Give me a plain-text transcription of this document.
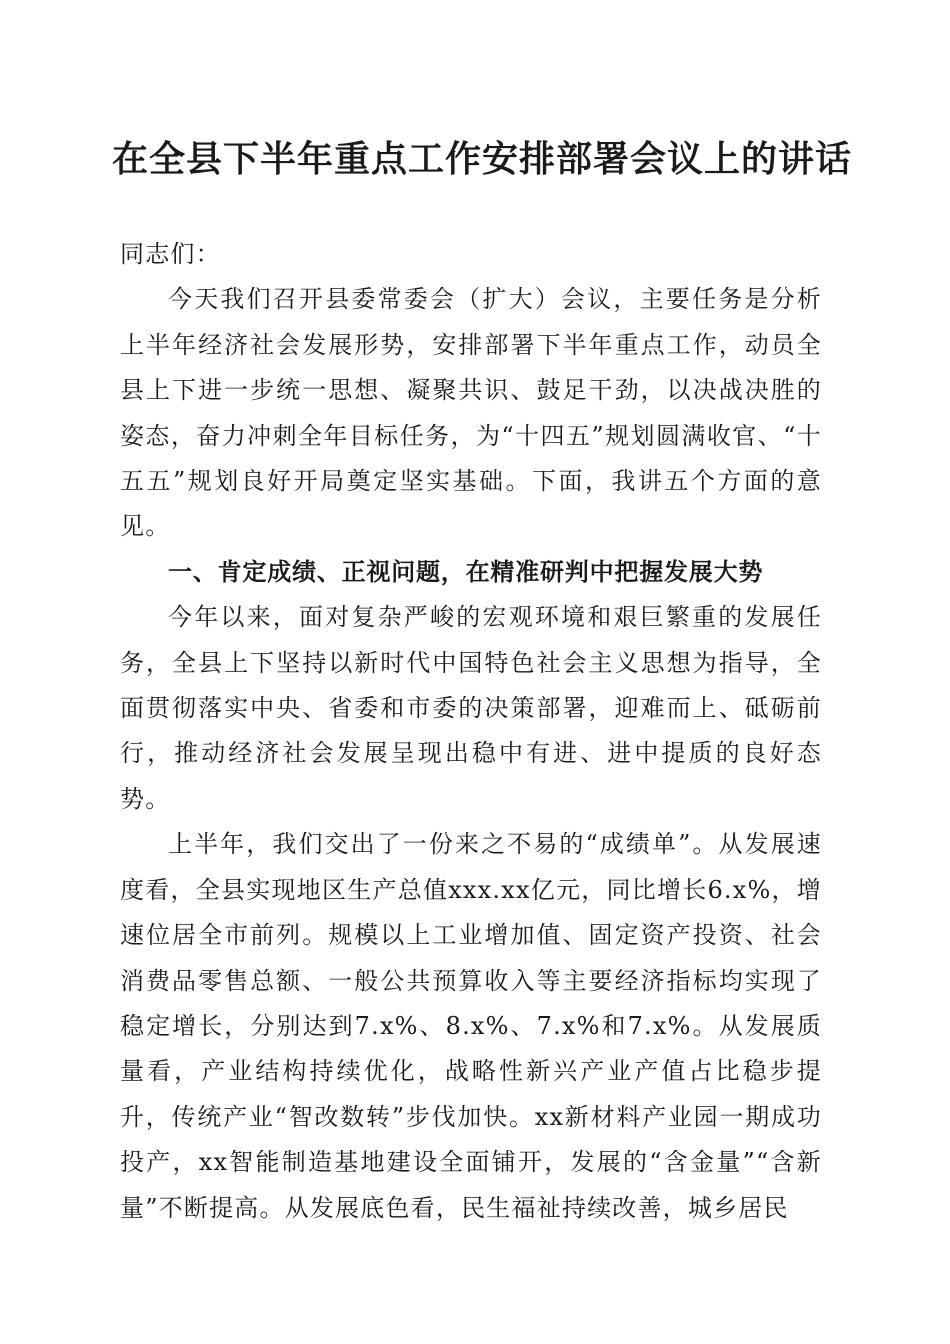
在全县下半年重点工作安排部署会议上的讲话

同志们：

今天我们召开县委常委会（扩大）会议，主要任务是分析上半年经济社会发展形势，安排部署下半年重点工作，动员全县上下进一步统一思想、凝聚共识、鼓足干劲，以决战决胜的姿态，奋力冲刺全年目标任务，为“十四五”规划圆满收官、“十五五”规划良好开局奠定坚实基础。下面，我讲五个方面的意见。

一、肯定成绩、正视问题，在精准研判中把握发展大势

今年以来，面对复杂严峻的宏观环境和艰巨繁重的发展任务，全县上下坚持以新时代中国特色社会主义思想为指导，全面贯彻落实中央、省委和市委的决策部署，迎难而上、砥砺前行，推动经济社会发展呈现出稳中有进、进中提质的良好态势。

上半年，我们交出了一份来之不易的“成绩单”。从发展速度看，全县实现地区生产总值xxx.xx亿元，同比增长6.x%，增速位居全市前列。规模以上工业增加值、固定资产投资、社会消费品零售总额、一般公共预算收入等主要经济指标均实现了稳定增长，分别达到7.x%、8.x%、7.x%和7.x%。从发展质量看，产业结构持续优化，战略性新兴产业产值占比稳步提升，传统产业“智改数转”步伐加快。xx新材料产业园一期成功投产，xx智能制造基地建设全面铺开，发展的“含金量”“含新量”不断提高。从发展底色看，民生福祉持续改善，城乡居民
